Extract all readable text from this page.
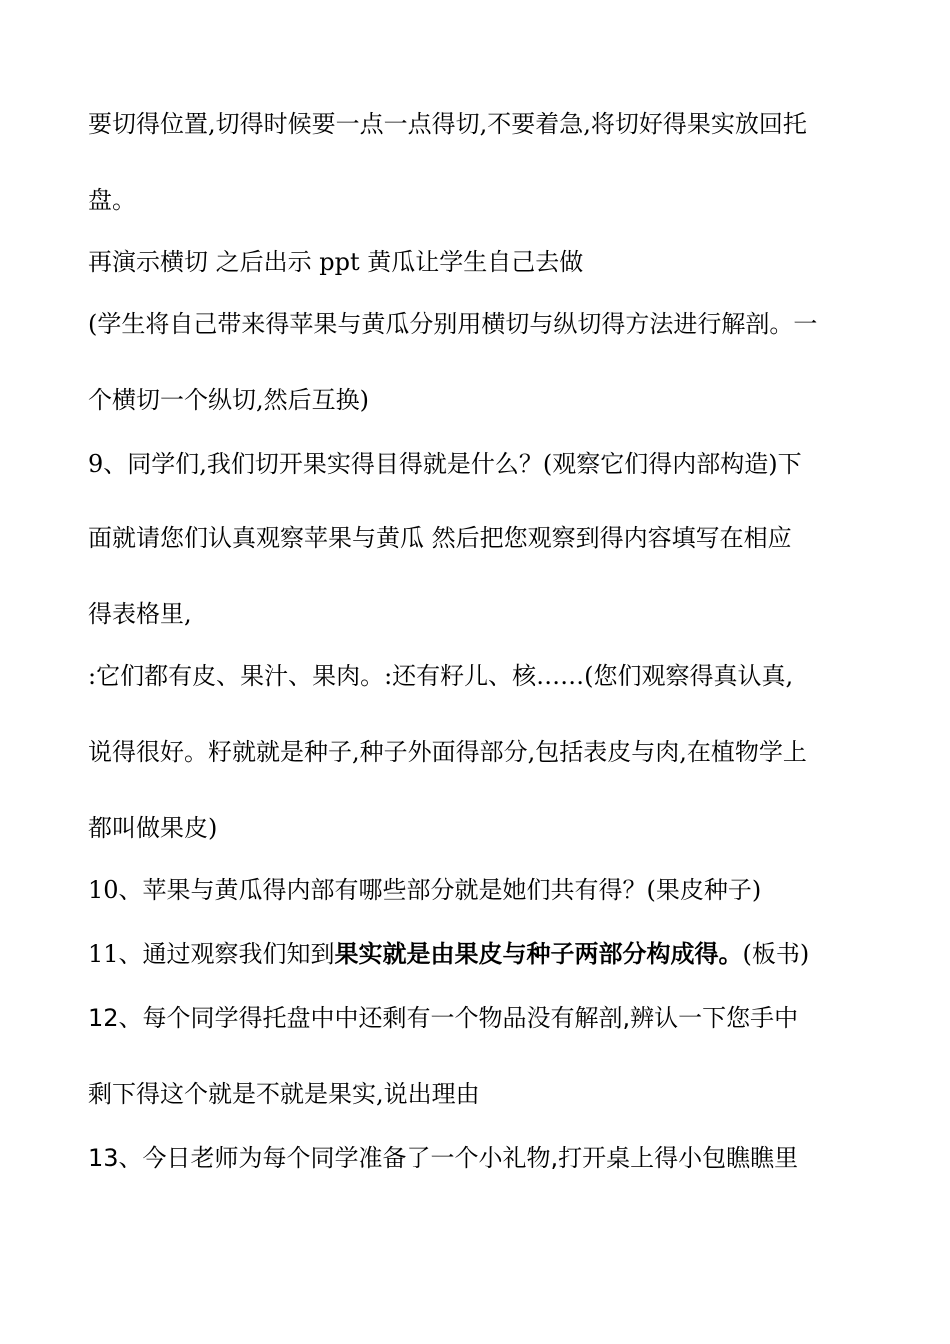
要切得位置,切得时候要一点一点得切,不要着急,将切好得果实放回托
盘。
再演示横切 之后出示 ppt 黄瓜让学生自己去做
(学生将自己带来得苹果与黄瓜分别用横切与纵切得方法进行解剖。一
个横切一个纵切,然后互换)
9、同学们,我们切开果实得目得就是什么？(观察它们得内部构造)下
面就请您们认真观察苹果与黄瓜 然后把您观察到得内容填写在相应
得表格里,
:它们都有皮、果汁、果肉。:还有籽儿、核……(您们观察得真认真,
说得很好。籽就就是种子,种子外面得部分,包括表皮与肉,在植物学上
都叫做果皮)
10、苹果与黄瓜得内部有哪些部分就是她们共有得？(果皮种子)
11、通过观察我们知到果实就是由果皮与种子两部分构成得。(板书)
12、每个同学得托盘中中还剩有一个物品没有解剖,辨认一下您手中
剩下得这个就是不就是果实,说出理由
13、今日老师为每个同学准备了一个小礼物,打开桌上得小包瞧瞧里
